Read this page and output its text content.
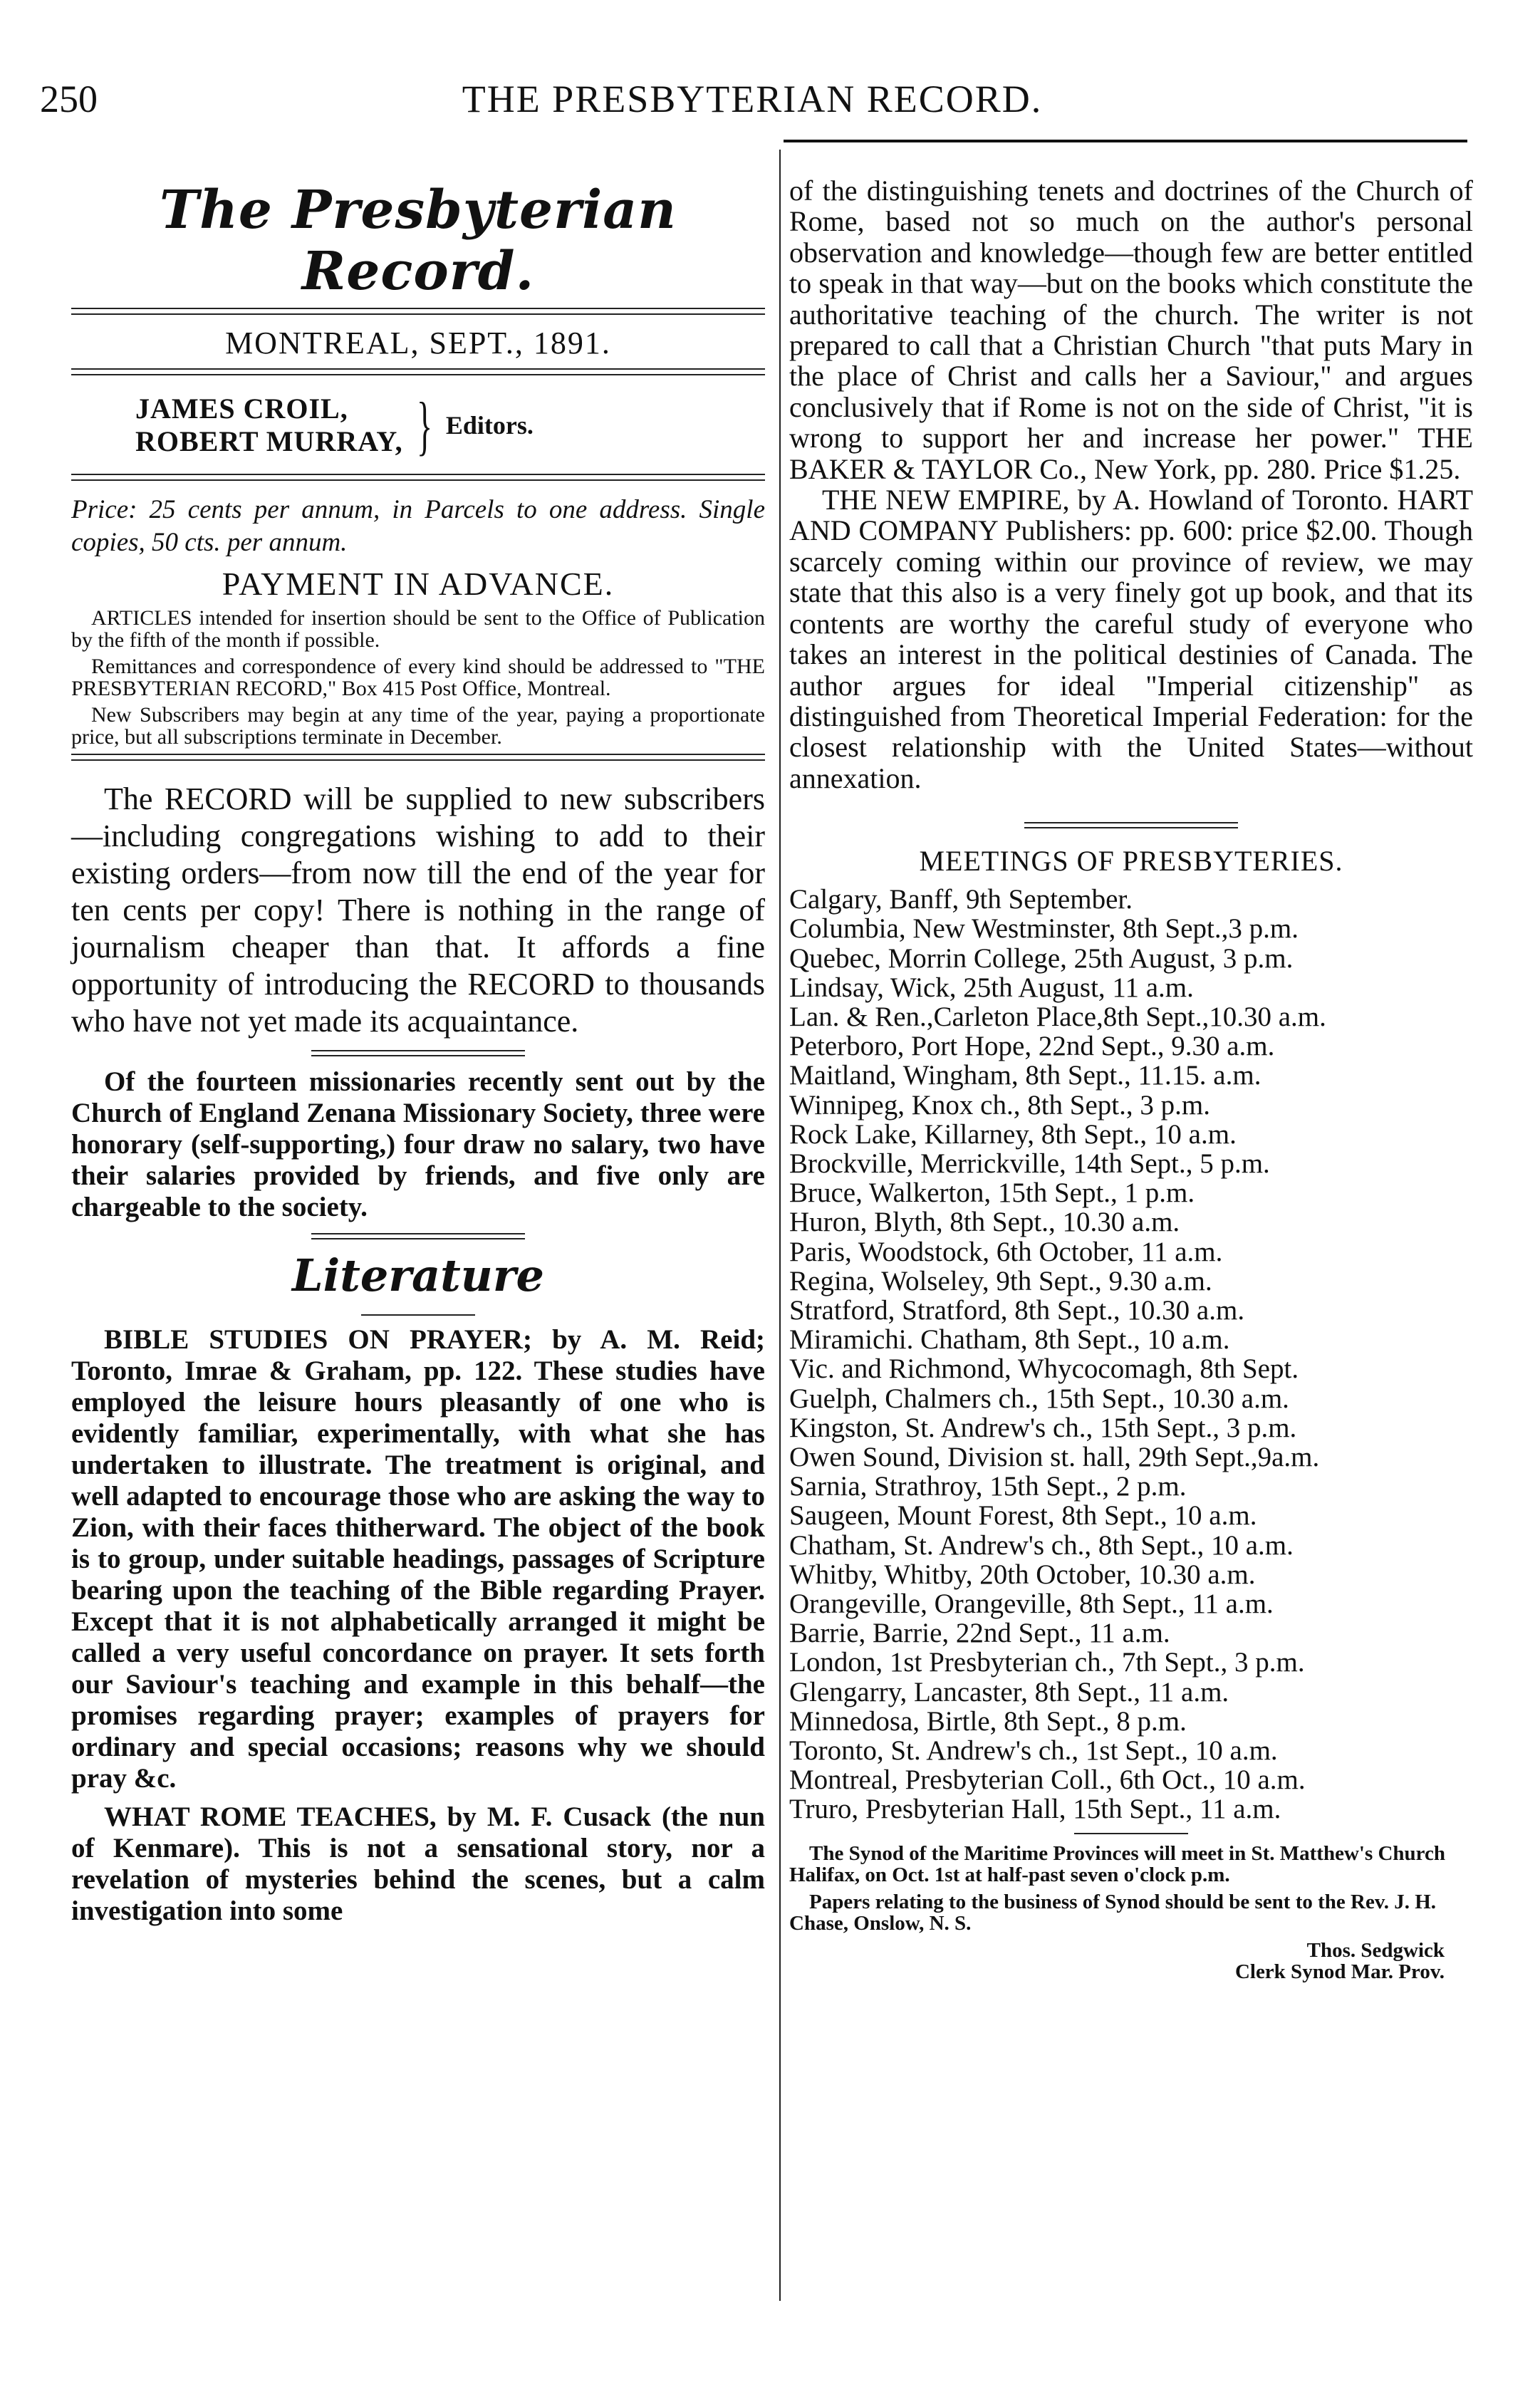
250	THE PRESBYTERIAN RECORD.
The Presbyterian Record.
MONTREAL, SEPT., 1891.
JAMES CROIL,
ROBERT MURRAY, } Editors.

Price: 25 cents per annum, in Parcels to one address. Single copies, 50 cts. per annum.

PAYMENT IN ADVANCE.

ARTICLES intended for insertion should be sent to the Office of Publication by the fifth of the month if possible.

Remittances and correspondence of every kind should be addressed to "THE PRESBYTERIAN RECORD," Box 415 Post Office, Montreal.

New Subscribers may begin at any time of the year, paying a proportionate price, but all subscriptions terminate in December.

The RECORD will be supplied to new subscribers—including congregations wishing to add to their existing orders—from now till the end of the year for ten cents per copy! There is nothing in the range of journalism cheaper than that. It affords a fine opportunity of introducing the RECORD to thousands who have not yet made its acquaintance.

Of the fourteen missionaries recently sent out by the Church of England Zenana Missionary Society, three were honorary (self-supporting,) four draw no salary, two have their salaries provided by friends, and five only are chargeable to the society.

Literature

BIBLE STUDIES ON PRAYER; by A. M. Reid; Toronto, Imrae & Graham, pp. 122. These studies have employed the leisure hours pleasantly of one who is evidently familiar, experimentally, with what she has undertaken to illustrate. The treatment is original, and well adapted to encourage those who are asking the way to Zion, with their faces thitherward. The object of the book is to group, under suitable headings, passages of Scripture bearing upon the teaching of the Bible regarding Prayer. Except that it is not alphabetically arranged it might be called a very useful concordance on prayer. It sets forth our Saviour's teaching and example in this behalf—the promises regarding prayer; examples of prayers for ordinary and special occasions; reasons why we should pray &c.

WHAT ROME TEACHES, by M. F. Cusack (the nun of Kenmare). This is not a sensational story, nor a revelation of mysteries behind the scenes, but a calm investigation into some

of the distinguishing tenets and doctrines of the Church of Rome, based not so much on the author's personal observation and knowledge—though few are better entitled to speak in that way—but on the books which constitute the authoritative teaching of the church. The writer is not prepared to call that a Christian Church "that puts Mary in the place of Christ and calls her a Saviour," and argues conclusively that if Rome is not on the side of Christ, "it is wrong to support her and increase her power." THE BAKER & TAYLOR Co., New York, pp. 280. Price $1.25.

THE NEW EMPIRE, by A. Howland of Toronto. HART AND COMPANY Publishers: pp. 600: price $2.00. Though scarcely coming within our province of review, we may state that this also is a very finely got up book, and that its contents are worthy the careful study of everyone who takes an interest in the political destinies of Canada. The author argues for ideal "Imperial citizenship" as distinguished from Theoretical Imperial Federation: for the closest relationship with the United States—without annexation.

MEETINGS OF PRESBYTERIES.
Calgary, Banff, 9th September.
Columbia, New Westminster, 8th Sept.,3 p.m.
Quebec, Morrin College, 25th August, 3 p.m.
Lindsay, Wick, 25th August, 11 a.m.
Lan. & Ren.,Carleton Place,8th Sept.,10.30 a.m.
Peterboro, Port Hope, 22nd Sept., 9.30 a.m.
Maitland, Wingham, 8th Sept., 11.15. a.m.
Winnipeg, Knox ch., 8th Sept., 3 p.m.
Rock Lake, Killarney, 8th Sept., 10 a.m.
Brockville, Merrickville, 14th Sept., 5 p.m.
Bruce, Walkerton, 15th Sept., 1 p.m.
Huron, Blyth, 8th Sept., 10.30 a.m.
Paris, Woodstock, 6th October, 11 a.m.
Regina, Wolseley, 9th Sept., 9.30 a.m.
Stratford, Stratford, 8th Sept., 10.30 a.m.
Miramichi. Chatham, 8th Sept., 10 a.m.
Vic. and Richmond, Whycocomagh, 8th Sept.
Guelph, Chalmers ch., 15th Sept., 10.30 a.m.
Kingston, St. Andrew's ch., 15th Sept., 3 p.m.
Owen Sound, Division st. hall, 29th Sept.,9a.m.
Sarnia, Strathroy, 15th Sept., 2 p.m.
Saugeen, Mount Forest, 8th Sept., 10 a.m.
Chatham, St. Andrew's ch., 8th Sept., 10 a.m.
Whitby, Whitby, 20th October, 10.30 a.m.
Orangeville, Orangeville, 8th Sept., 11 a.m.
Barrie, Barrie, 22nd Sept., 11 a.m.
London, 1st Presbyterian ch., 7th Sept., 3 p.m.
Glengarry, Lancaster, 8th Sept., 11 a.m.
Minnedosa, Birtle, 8th Sept., 8 p.m.
Toronto, St. Andrew's ch., 1st Sept., 10 a.m.
Montreal, Presbyterian Coll., 6th Oct., 10 a.m.
Truro, Presbyterian Hall, 15th Sept., 11 a.m.

The Synod of the Maritime Provinces will meet in St. Matthew's Church Halifax, on Oct. 1st at half-past seven o'clock p.m.

Papers relating to the business of Synod should be sent to the Rev. J. H. Chase, Onslow, N. S.

Thos. Sedgwick
Clerk Synod Mar. Prov.
